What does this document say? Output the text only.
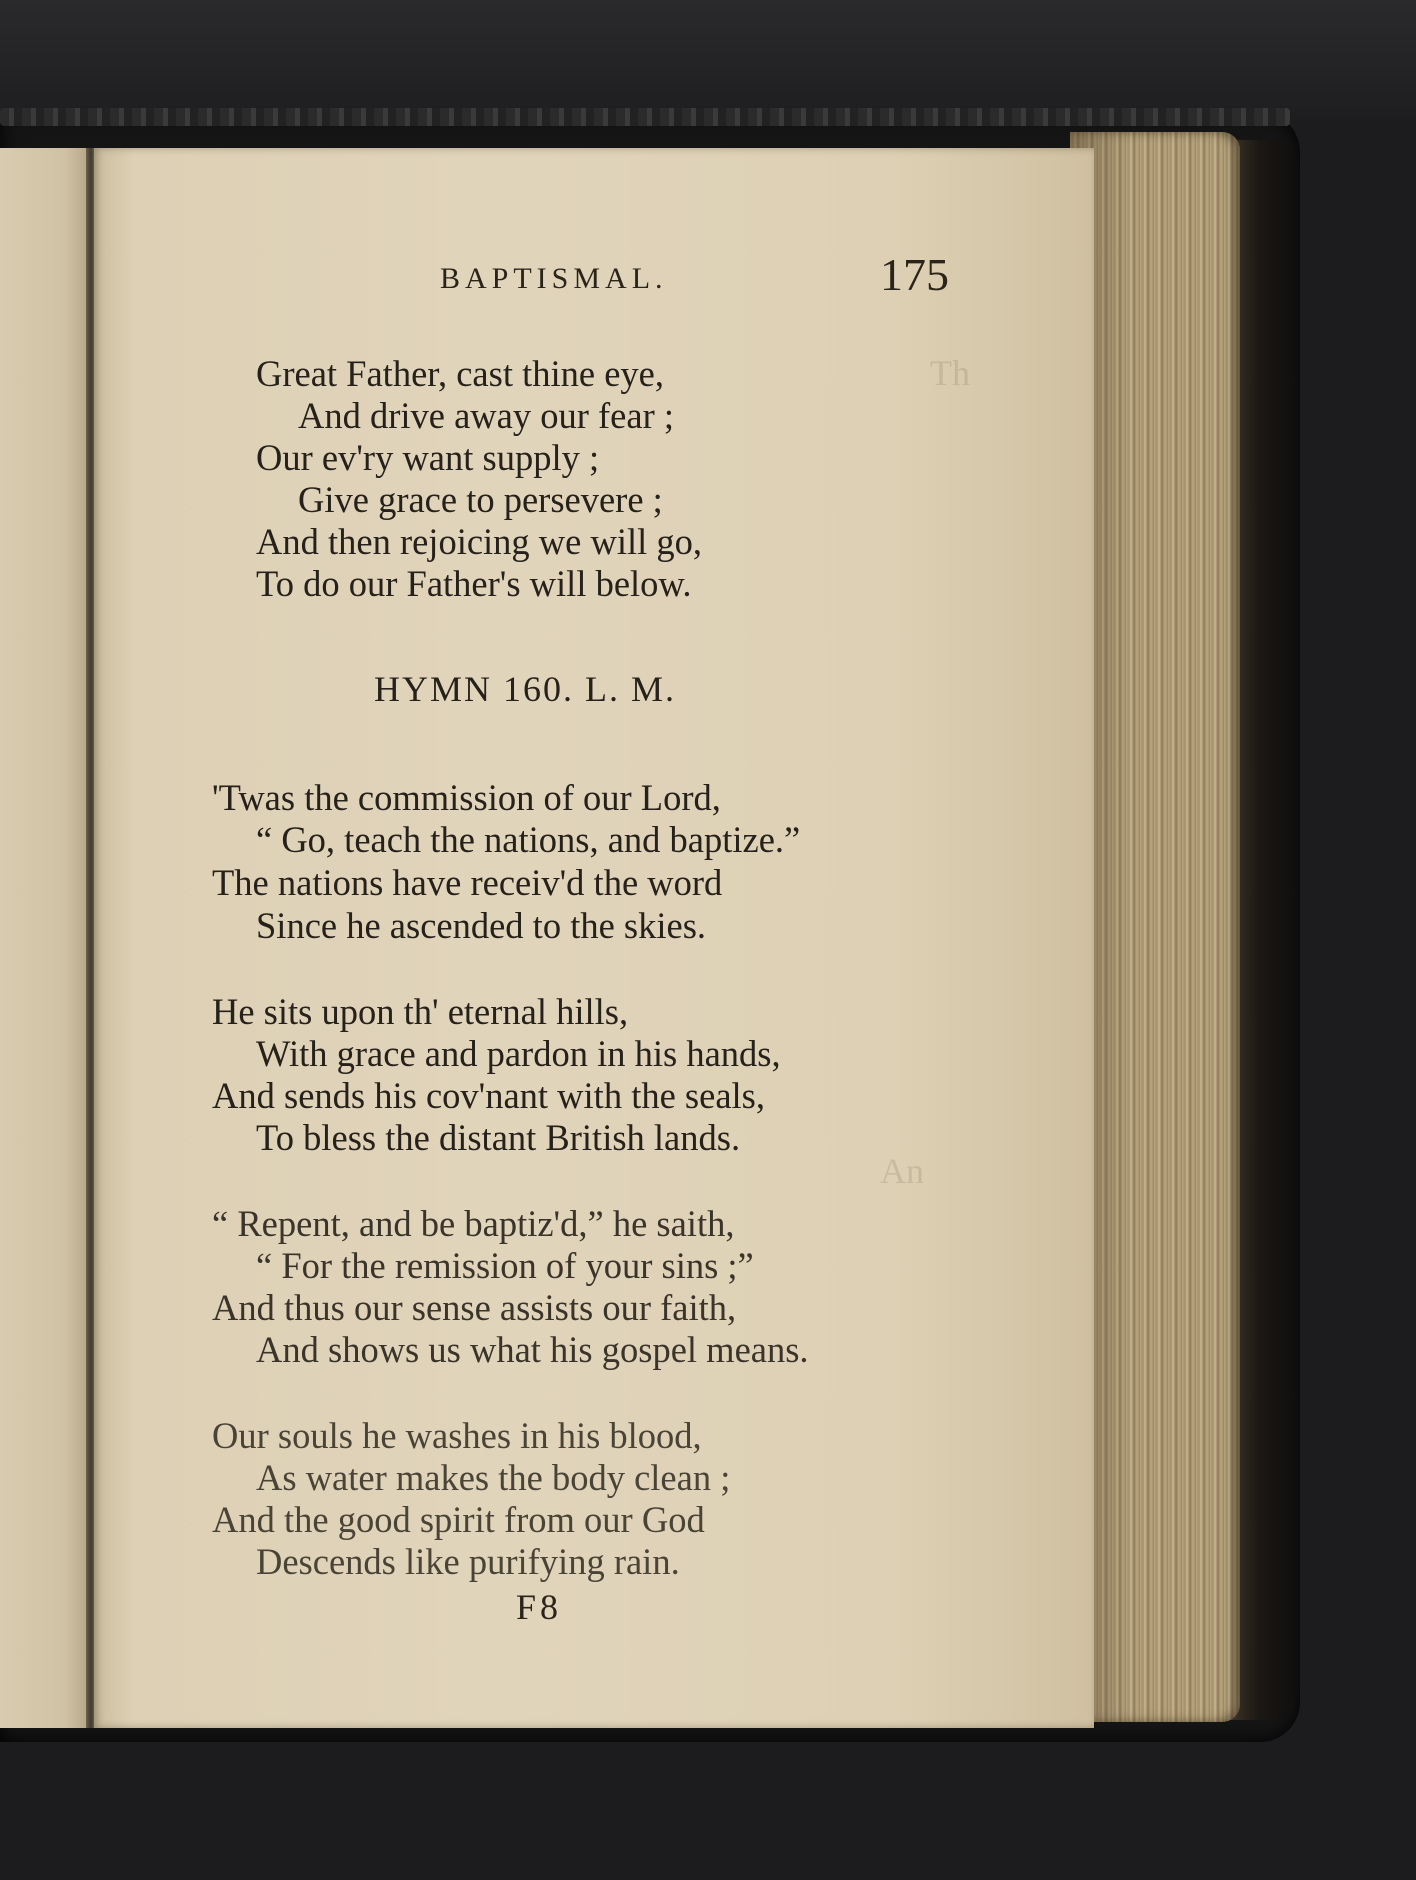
Th
An
BAPTISMAL.	175
Great Father, cast thine eye,
And drive away our fear ;
Our ev'ry want supply ;
Give grace to persevere ;
And then rejoicing we will go,
To do our Father's will below.
HYMN 160. L. M.
'Twas the commission of our Lord,
“ Go, teach the nations, and baptize.”
The nations have receiv'd the word
Since he ascended to the skies.
He sits upon th' eternal hills,
With grace and pardon in his hands,
And sends his cov'nant with the seals,
To bless the distant British lands.
“ Repent, and be baptiz'd,” he saith,
“ For the remission of your sins ;”
And thus our sense assists our faith,
And shows us what his gospel means.
Our souls he washes in his blood,
As water makes the body clean ;
And the good spirit from our God
Descends like purifying rain.
F8
